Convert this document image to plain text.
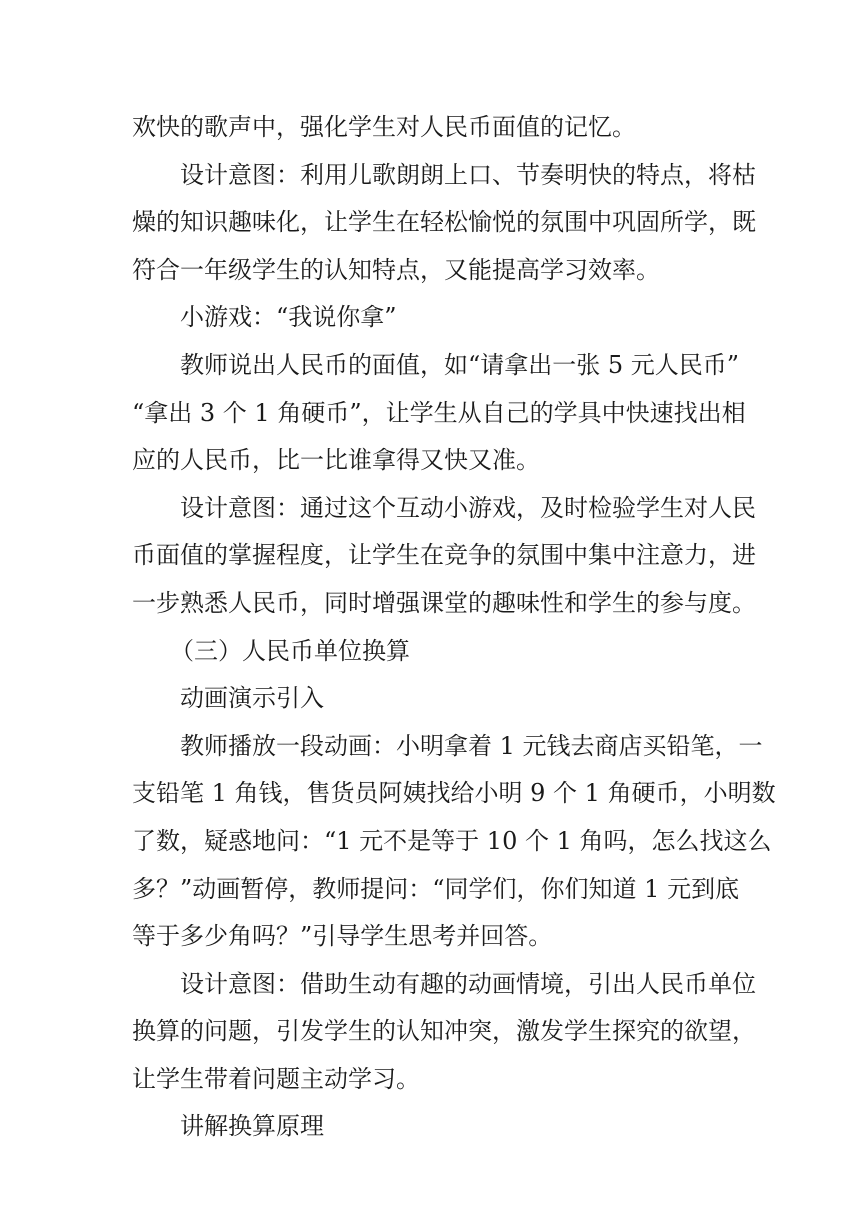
欢快的歌声中，强化学生对人民币面值的记忆。
设计意图：利用儿歌朗朗上口、节奏明快的特点，将枯
燥的知识趣味化，让学生在轻松愉悦的氛围中巩固所学，既
符合一年级学生的认知特点，又能提高学习效率。
小游戏：“我说你拿”
教师说出人民币的面值，如“请拿出一张 5 元人民币”
“拿出 3 个 1 角硬币”，让学生从自己的学具中快速找出相
应的人民币，比一比谁拿得又快又准。
设计意图：通过这个互动小游戏，及时检验学生对人民
币面值的掌握程度，让学生在竞争的氛围中集中注意力，进
一步熟悉人民币，同时增强课堂的趣味性和学生的参与度。
（三）人民币单位换算
动画演示引入
教师播放一段动画：小明拿着 1 元钱去商店买铅笔，一
支铅笔 1 角钱，售货员阿姨找给小明 9 个 1 角硬币，小明数
了数，疑惑地问：“1 元不是等于 10 个 1 角吗，怎么找这么
多？”动画暂停，教师提问：“同学们，你们知道 1 元到底
等于多少角吗？”引导学生思考并回答。
设计意图：借助生动有趣的动画情境，引出人民币单位
换算的问题，引发学生的认知冲突，激发学生探究的欲望，
让学生带着问题主动学习。
讲解换算原理
